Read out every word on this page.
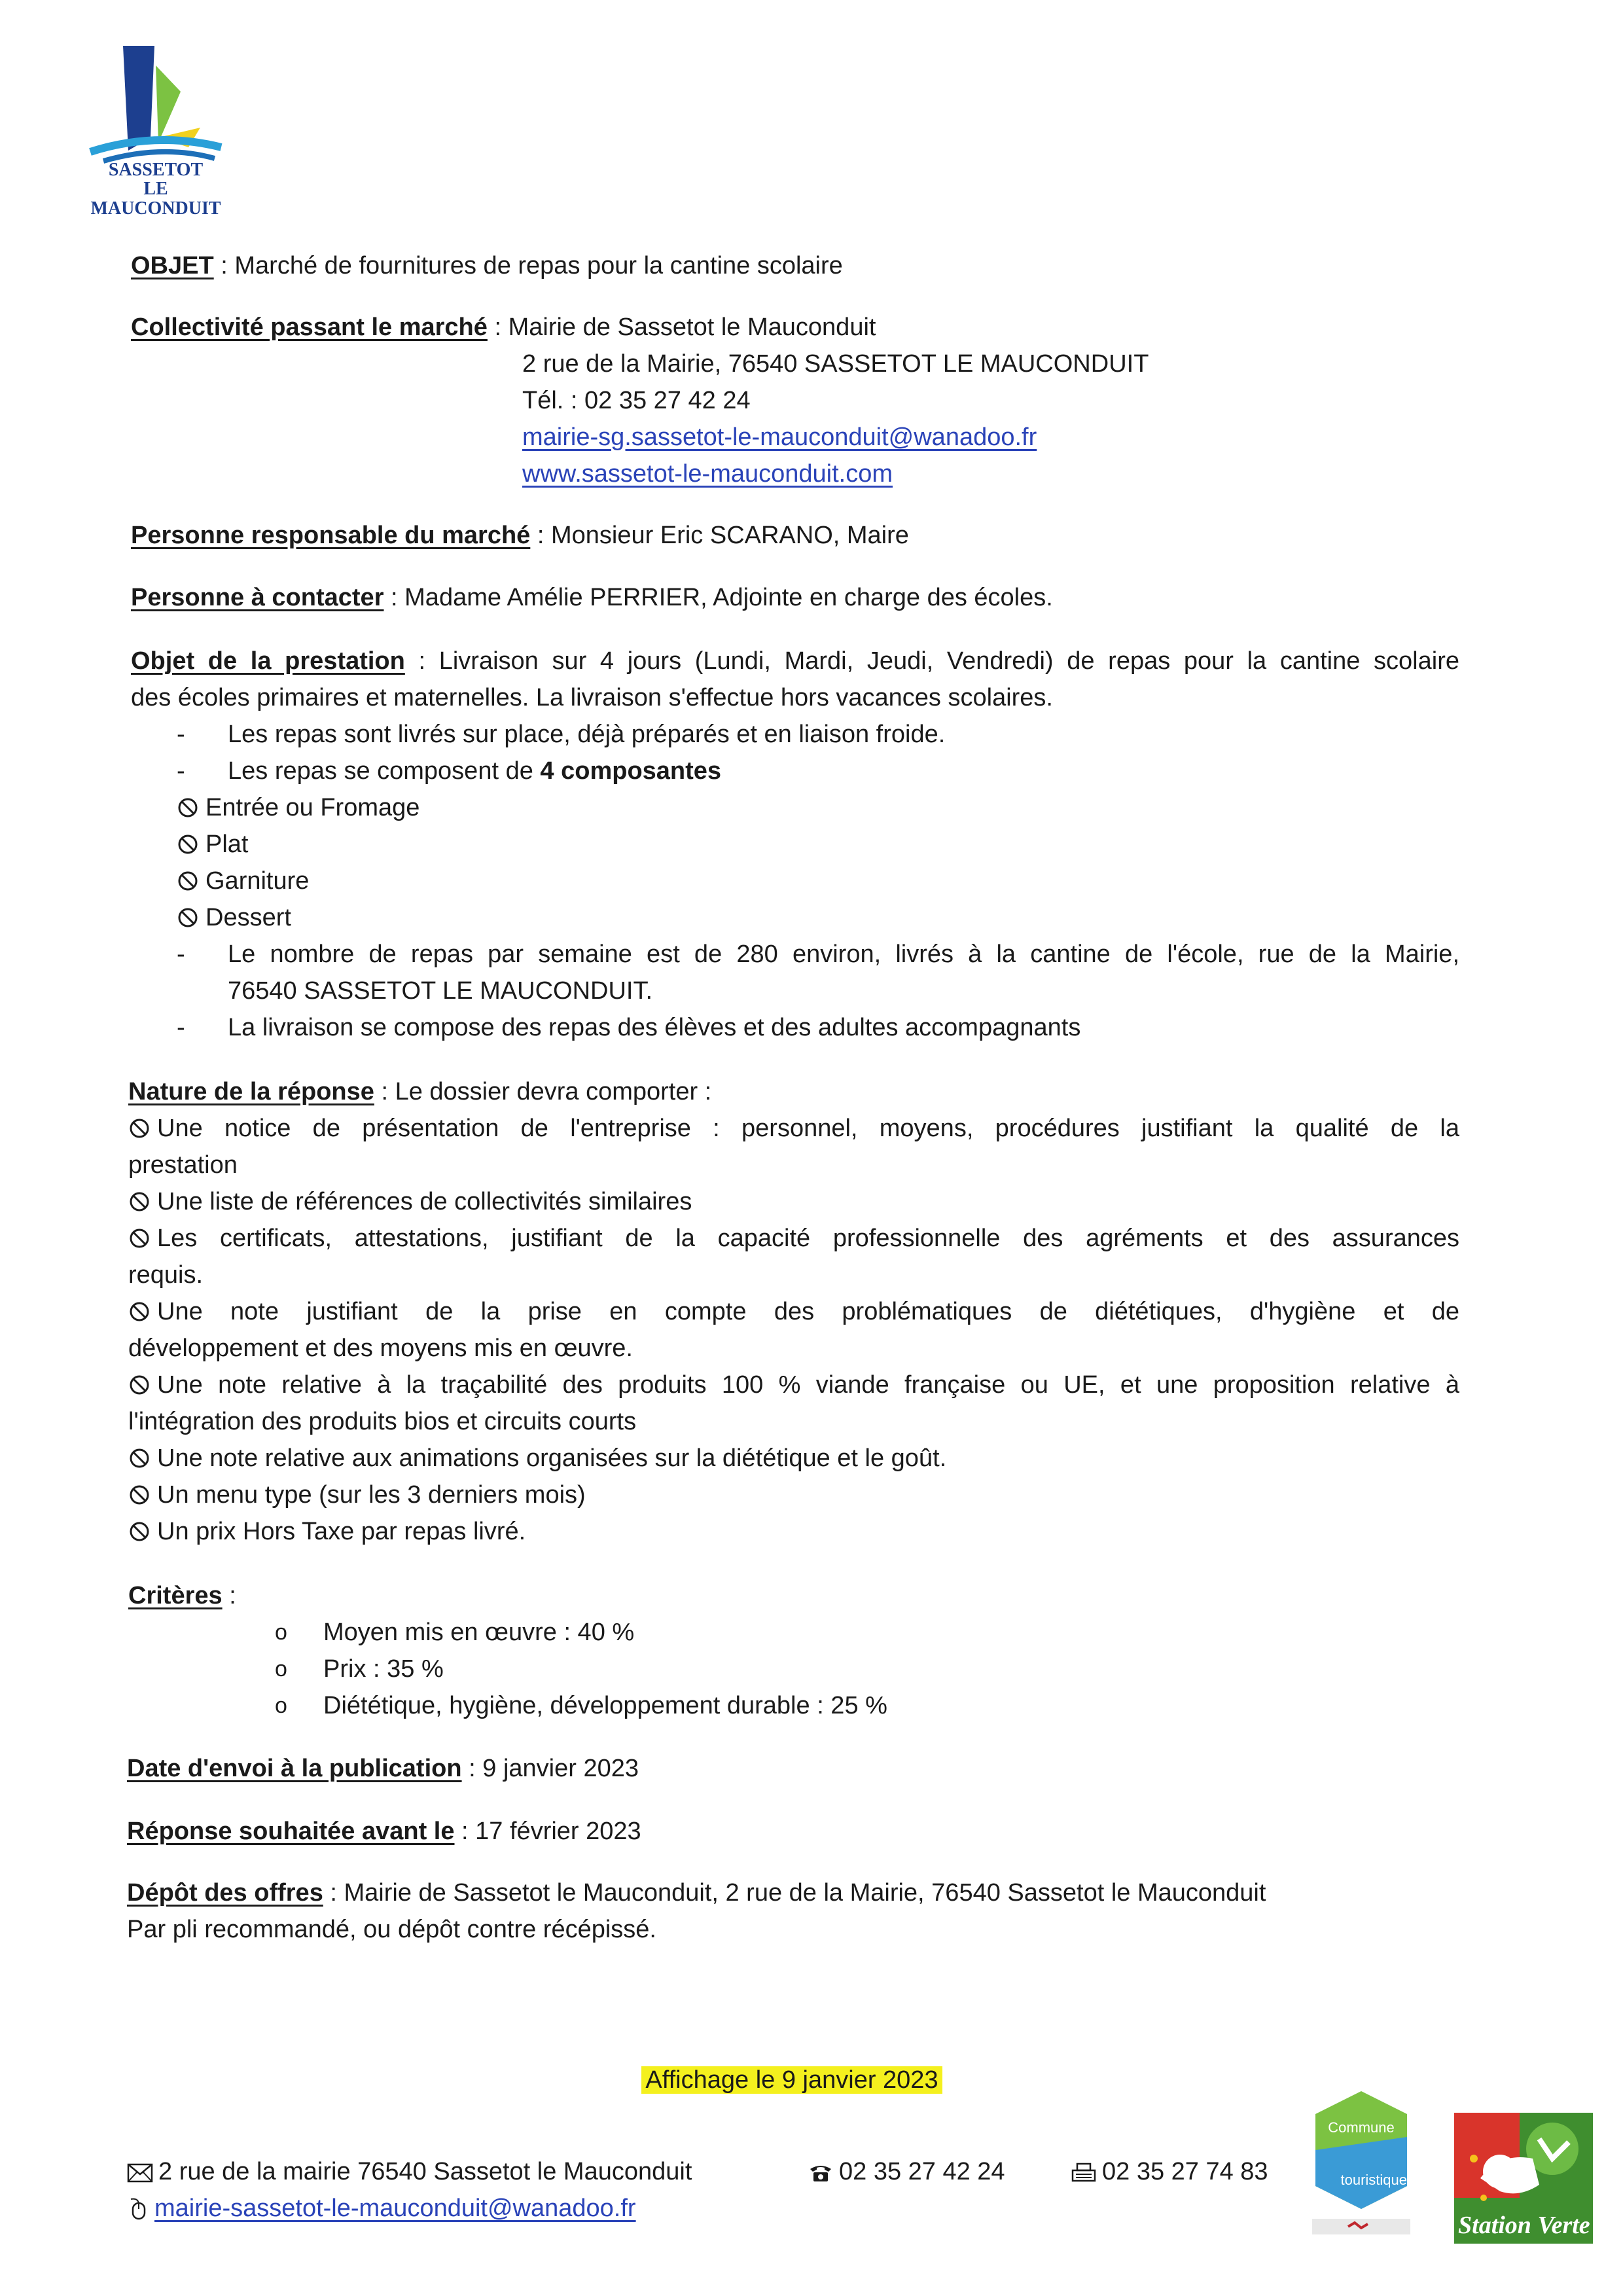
SASSETOT
LE MAUCONDUIT
OBJET : Marché de fournitures de repas pour la cantine scolaire
Collectivité passant le marché : Mairie de Sassetot le Mauconduit
2 rue de la Mairie, 76540 SASSETOT LE MAUCONDUIT
Tél. : 02 35 27 42 24
mairie-sg.sassetot-le-mauconduit@wanadoo.fr
www.sassetot-le-mauconduit.com
Personne responsable du marché : Monsieur Eric SCARANO, Maire
Personne à contacter : Madame Amélie PERRIER, Adjointe en charge des écoles.
Objet de la prestation : Livraison sur 4 jours (Lundi, Mardi, Jeudi, Vendredi) de repas pour la cantine scolaire
des écoles primaires et maternelles. La livraison s'effectue hors vacances scolaires.
- Les repas sont livrés sur place, déjà préparés et en liaison froide.
- Les repas se composent de 4 composantes
Entrée ou Fromage
Plat
Garniture
Dessert
- Le nombre de repas par semaine est de 280 environ, livrés à la cantine de l'école, rue de la Mairie,
76540 SASSETOT LE MAUCONDUIT.
- La livraison se compose des repas des élèves et des adultes accompagnants
Nature de la réponse : Le dossier devra comporter :
Une notice de présentation de l'entreprise : personnel, moyens, procédures justifiant la qualité de la
prestation
Une liste de références de collectivités similaires
Les certificats, attestations, justifiant de la capacité professionnelle des agréments et des assurances
requis.
Une note justifiant de la prise en compte des problématiques de diététiques, d'hygiène et de
développement et des moyens mis en œuvre.
Une note relative à la traçabilité des produits 100 % viande française ou UE, et une proposition relative à
l'intégration des produits bios et circuits courts
Une note relative aux animations organisées sur la diététique et le goût.
Un menu type (sur les 3 derniers mois)
Un prix Hors Taxe par repas livré.
Critères :
o Moyen mis en œuvre : 40 %
o Prix : 35 %
o Diététique, hygiène, développement durable : 25 %
Date d'envoi à la publication : 9 janvier 2023
Réponse souhaitée avant le : 17 février 2023
Dépôt des offres : Mairie de Sassetot le Mauconduit, 2 rue de la Mairie, 76540 Sassetot le Mauconduit
Par pli recommandé, ou dépôt contre récépissé.
Affichage le 9 janvier 2023
2 rue de la mairie 76540 Sassetot le Mauconduit	02 35 27 42 24	02 35 27 74 83
mairie-sassetot-le-mauconduit@wanadoo.fr
Commune
touristique
Station Verte
